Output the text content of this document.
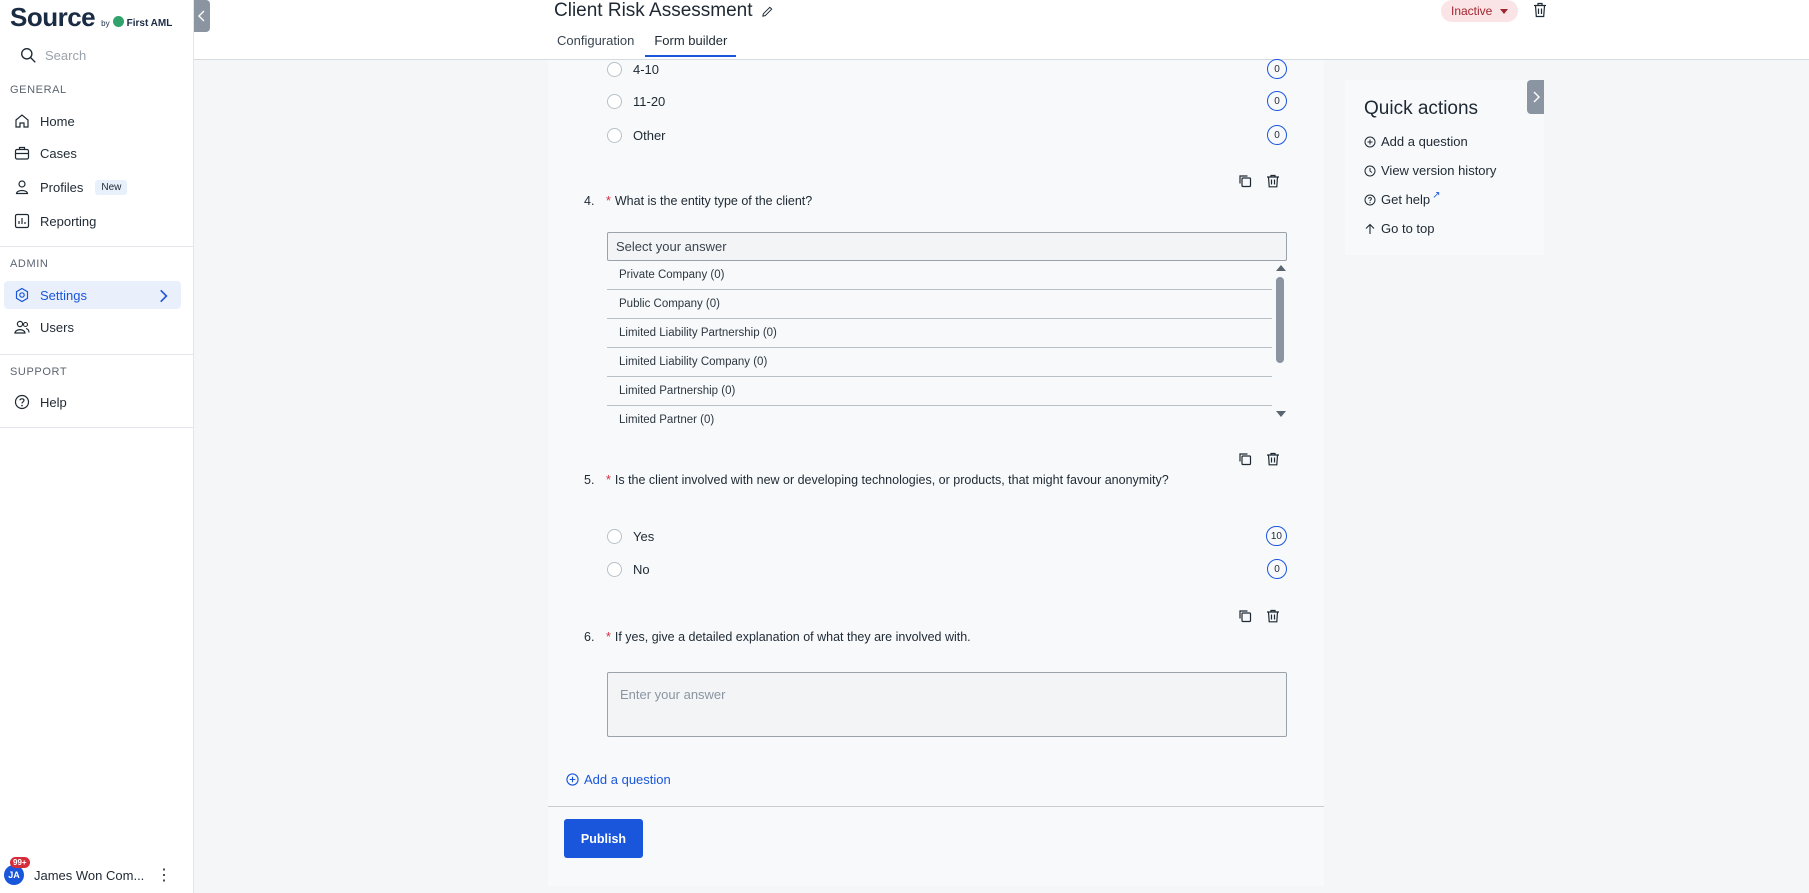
Source by First AML
Search
GENERAL
Home
Cases
Profiles	New
Reporting
ADMIN
Settings
Users
SUPPORT
Help
JA
99+
James Won Com... ⋮
Client Risk Assessment
Configuration	Form builder
Inactive
4-10	0
11-20	0
Other	0
4. * What is the entity type of the client?
Select your answer
Private Company (0)
Public Company (0)
Limited Liability Partnership (0)
Limited Liability Company (0)
Limited Partnership (0)
Limited Partner (0)
5. * Is the client involved with new or developing technologies, or products, that might favour anonymity?
Yes	10
No	0
6. * If yes, give a detailed explanation of what they are involved with.
Enter your answer
Add a question
Publish
Quick actions
Add a question
View version history
Get help ↗
Go to top
